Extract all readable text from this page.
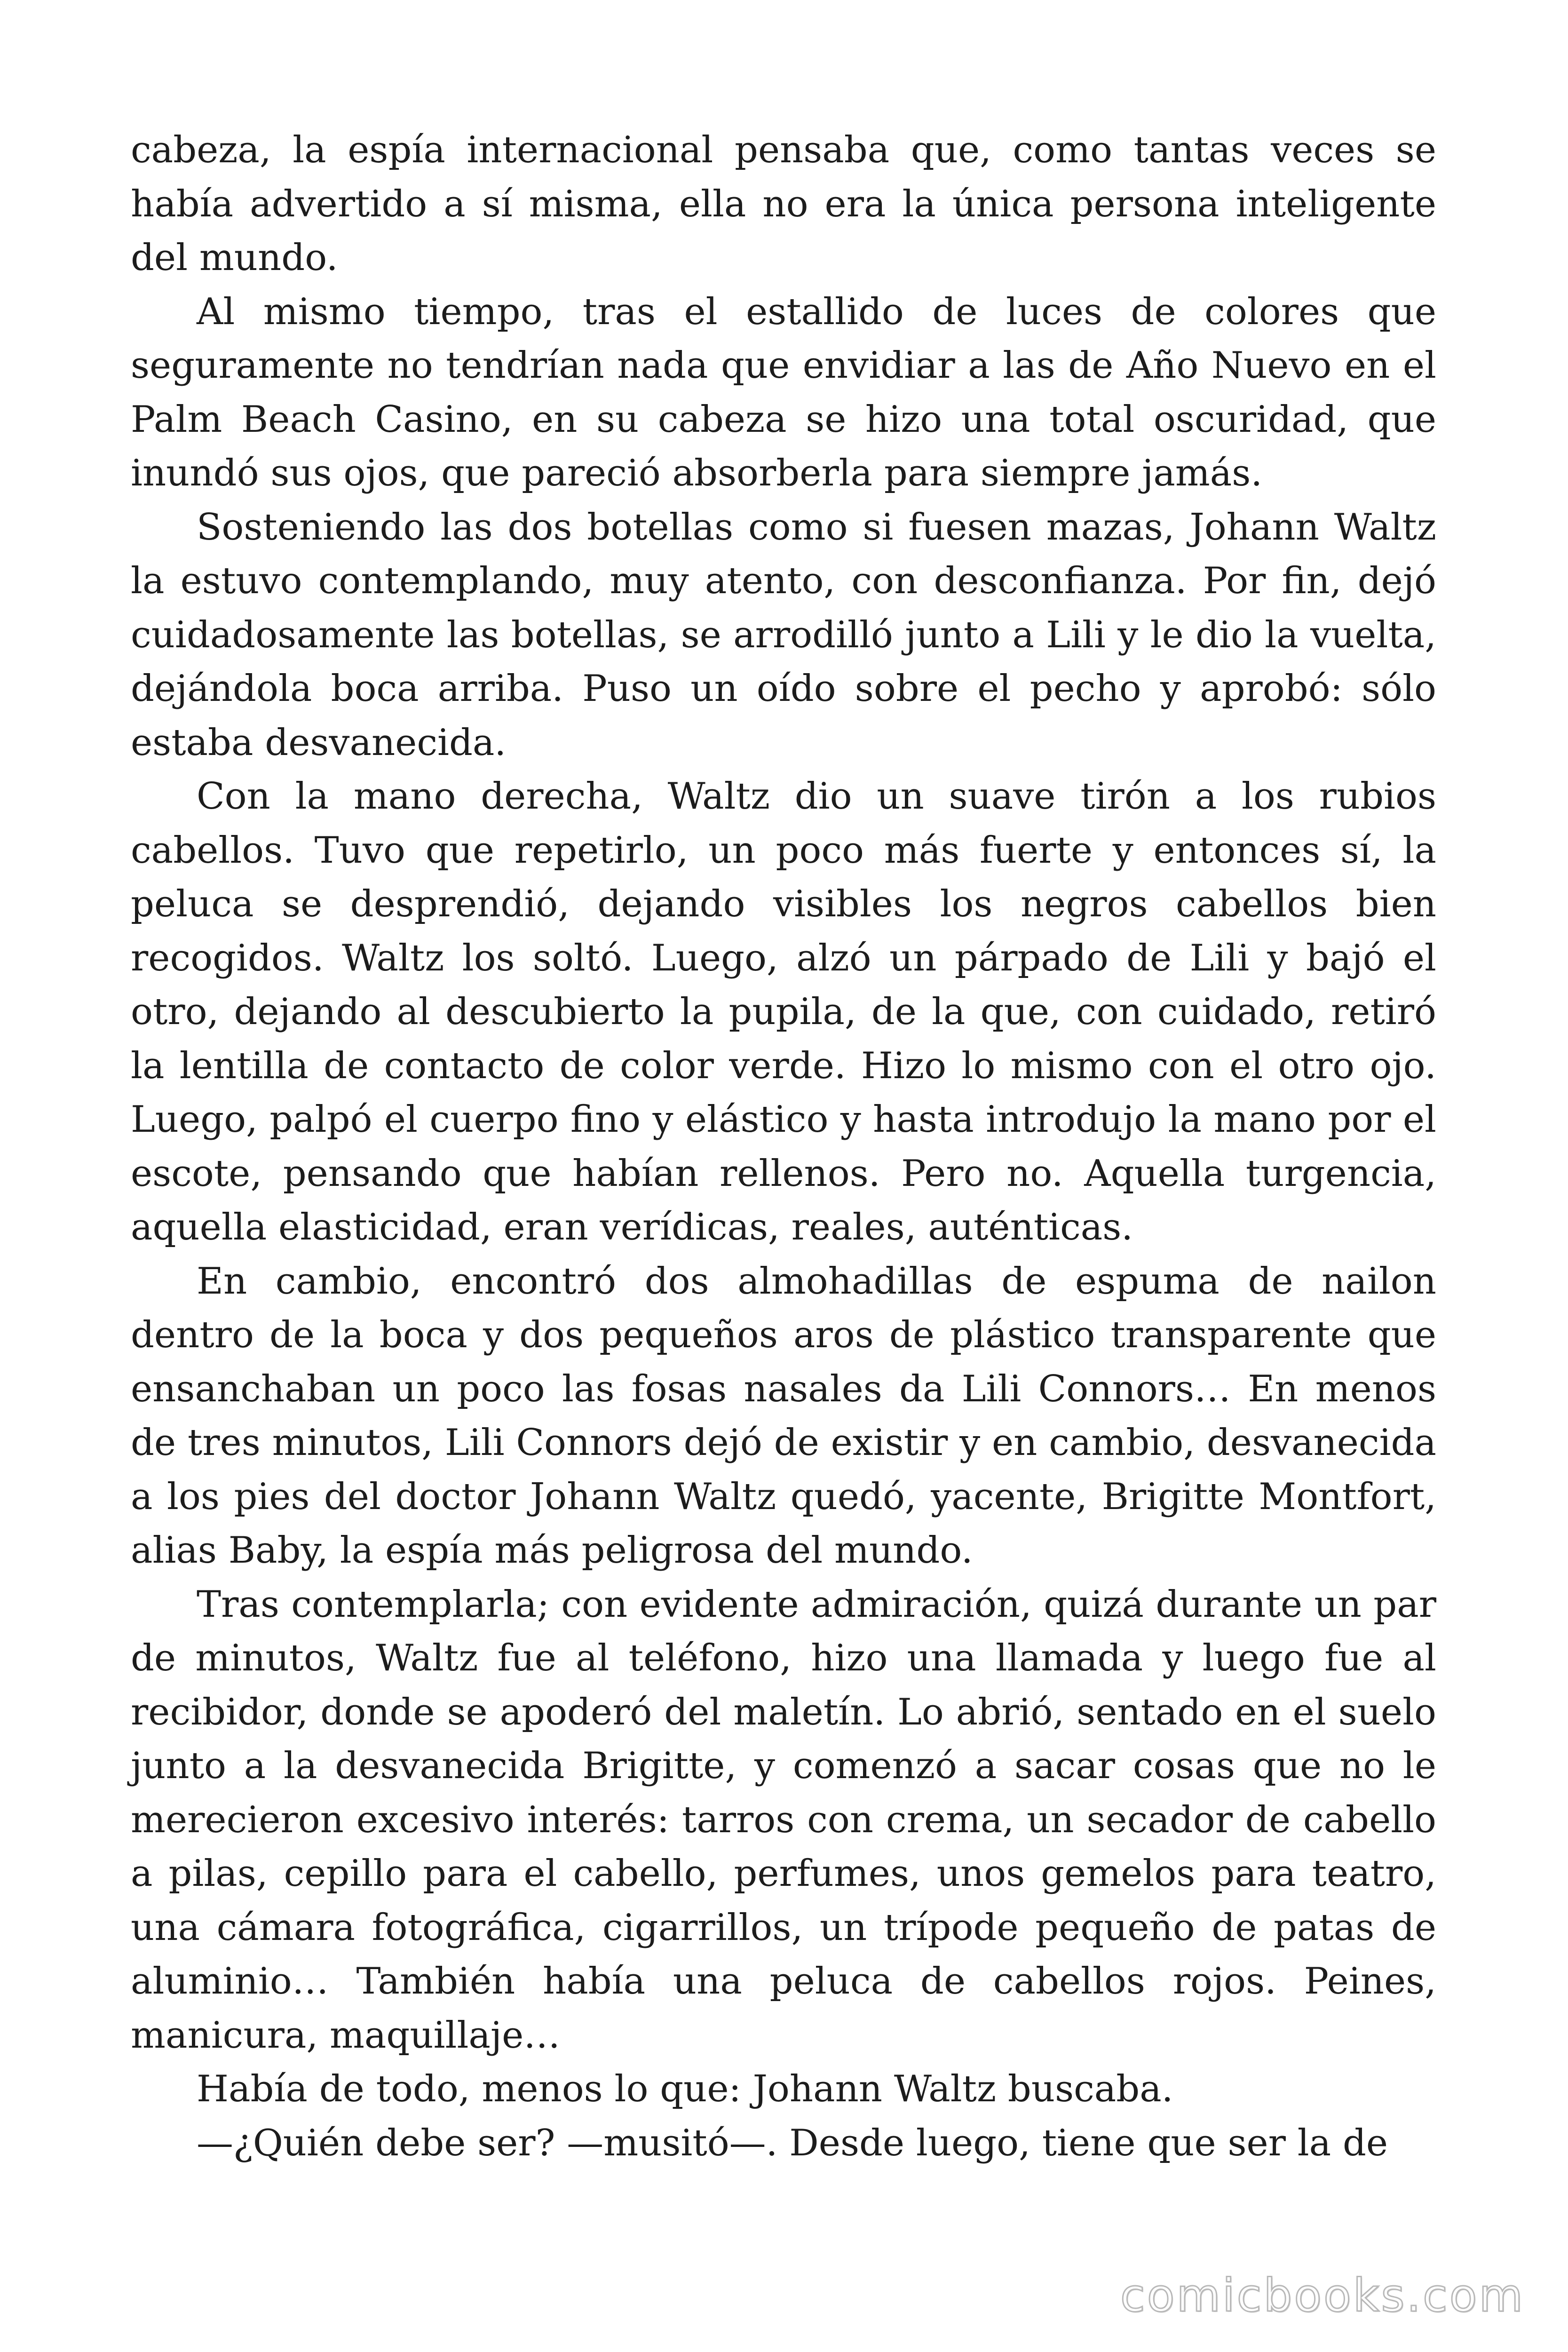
cabeza, la espía internacional pensaba que, como tantas veces se había advertido a sí misma, ella no era la única persona inteligente del mundo.

Al mismo tiempo, tras el estallido de luces de colores que seguramente no tendrían nada que envidiar a las de Año Nuevo en el Palm Beach Casino, en su cabeza se hizo una total oscuridad, que inundó sus ojos, que pareció absorberla para siempre jamás.

Sosteniendo las dos botellas como si fuesen mazas, Johann Waltz la estuvo contemplando, muy atento, con desconfianza. Por fin, dejó cuidadosamente las botellas, se arrodilló junto a Lili y le dio la vuelta, dejándola boca arriba. Puso un oído sobre el pecho y aprobó: sólo estaba desvanecida.

Con la mano derecha, Waltz dio un suave tirón a los rubios cabellos. Tuvo que repetirlo, un poco más fuerte y entonces sí, la peluca se desprendió, dejando visibles los negros cabellos bien recogidos. Waltz los soltó. Luego, alzó un párpado de Lili y bajó el otro, dejando al descubierto la pupila, de la que, con cuidado, retiró la lentilla de contacto de color verde. Hizo lo mismo con el otro ojo. Luego, palpó el cuerpo fino y elástico y hasta introdujo la mano por el escote, pensando que habían rellenos. Pero no. Aquella turgencia, aquella elasticidad, eran verídicas, reales, auténticas.

En cambio, encontró dos almohadillas de espuma de nailon dentro de la boca y dos pequeños aros de plástico transparente que ensanchaban un poco las fosas nasales da Lili Connors… En menos de tres minutos, Lili Connors dejó de existir y en cambio, desvanecida a los pies del doctor Johann Waltz quedó, yacente, Brigitte Montfort, alias Baby, la espía más peligrosa del mundo.

Tras contemplarla; con evidente admiración, quizá durante un par de minutos, Waltz fue al teléfono, hizo una llamada y luego fue al recibidor, donde se apoderó del maletín. Lo abrió, sentado en el suelo junto a la desvanecida Brigitte, y comenzó a sacar cosas que no le merecieron excesivo interés: tarros con crema, un secador de cabello a pilas, cepillo para el cabello, perfumes, unos gemelos para teatro, una cámara fotográfica, cigarrillos, un trípode pequeño de patas de aluminio… También había una peluca de cabellos rojos. Peines, manicura, maquillaje…

Había de todo, menos lo que: Johann Waltz buscaba.

—¿Quién debe ser? —musitó—. Desde luego, tiene que ser la de

comicbooks.com
